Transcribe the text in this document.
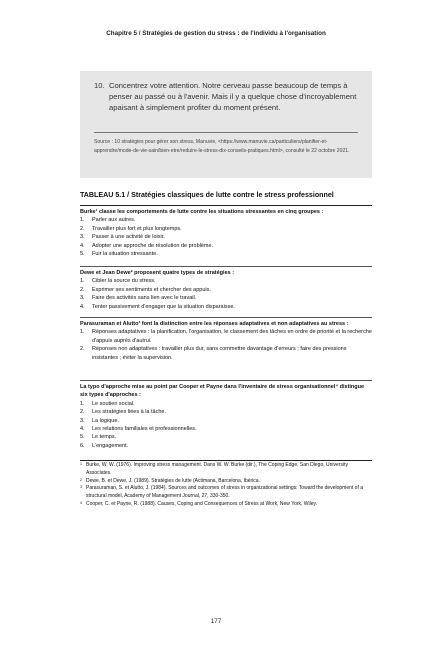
Chapitre 5 / Stratégies de gestion du stress : de l'individu à l'organisation
10. Concentrez votre attention. Notre cerveau passe beaucoup de temps à penser au passé ou à l'avenir. Mais il y a quelque chose d'incroyablement apaisant à simplement profiter du moment présent.
Source : 10 stratégies pour gérer son stress, Manuvie, <https://www.manuvie.ca/particuliers/planifier-et-apprendre/mode-de-vie-sain/bien-etre/reduire-le-stress-dix-conseils-pratiques.html>, consulté le 22 octobre 2021.
TABLEAU 5.1 / Stratégies classiques de lutte contre le stress professionnel
Burke¹ classe les comportements de lutte contre les situations stressantes en cinq groupes :
1. Parler aux autres.
2. Travailler plus fort et plus longtemps.
3. Passer à une activité de loisir.
4. Adopter une approche de résolution de problème.
5. Fuir la situation stressante.
Dewe et Jean Dewe² proposent quatre types de stratégies :
1. Cibler la source du stress.
2. Exprimer ses sentiments et chercher des appuis.
3. Faire des activités sans lien avec le travail.
4. Tenter passivement d'engager que la situation disparaisse.
Parasuraman et Alutto³ font la distinction entre les réponses adaptatives et non adaptatives au stress :
1. Réponses adaptatives : la planification, l'organisation, le classement des tâches en ordre de priorité et la recherche d'appuis auprès d'autrui.
2. Réponses non adaptatives : travailler plus dur, sans commettre davantage d'erreurs ; faire des pressions insistantes ; éviter la supervision.
La typo d'approche mise au point par Cooper et Payne dans l'inventaire de stress organisationnel⁴ distingue six types d'approches :
1. Le soutien social.
2. Les stratégies liées à la tâche.
3. La logique.
4. Les relations familiales et professionnelles.
5. Le temps.
6. L'engagement.
1 Burke, W. W. (1976). Improving stress management. Dans W. W. Burke (dir.), The Coping Edge, San Diego, University Associates.
2 Dewe, B. et Dewe, J. (1989). Stratégies de lutte (Actimana, Barcelona, Ibérica.
3 Parasuraman, S. et Alutto, J. (1984). Sources and outcomes of stress in organizational settings: Toward the development of a structural model, Academy of Management Journal, 27, 330-350.
4 Cooper, C. et Payne, R. (1988). Causes, Coping and Consequences of Stress at Work, New York, Wiley.
177
